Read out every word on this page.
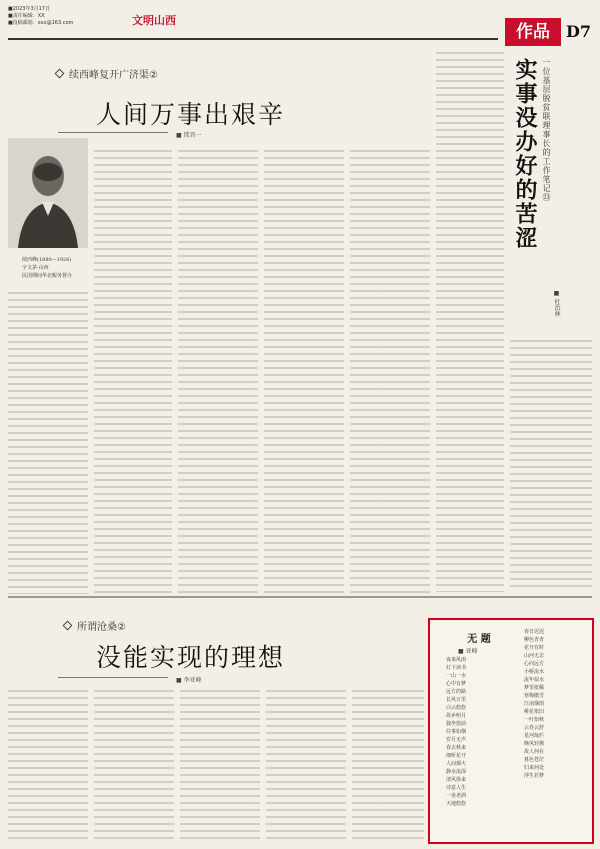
■2023年3月17日
■责任编辑：XX
■投稿邮箱：xxx@163.com	文明山西
作品	D7
续西峰复开广济渠②
人间万事出艰辛
■ 续晋一
续西峰(1880—1926)
字文茅·山西
民国期间华北赈务督办
一位基层脱贫联理事长的工作笔记㉓
实事没办好的苦涩
■ 杜治林
所谓沧桑②
没能实现的理想
■ 李亚峰
无 题
■ 亚峰
夜来风雨
灯下读书
一山一水
心中有梦
远方的路
长风万里
白云悠悠
故乡明月
独坐窗前
往事如烟
岁月无声
春去秋来
细听花开
人间烟火
静水流深
清风徐来
诗意人生
一壶老酒
天地悠悠
春日迟迟
柳色青青
花开有时
山河无恙
心向远方
小桥流水
流年似水
梦里依稀
寒梅傲雪
江南烟雨
桃花依旧
一叶知秋
云卷云舒
星河灿烂
晚风轻拂
故人何在
暮色苍茫
归来何处
浮生若梦
